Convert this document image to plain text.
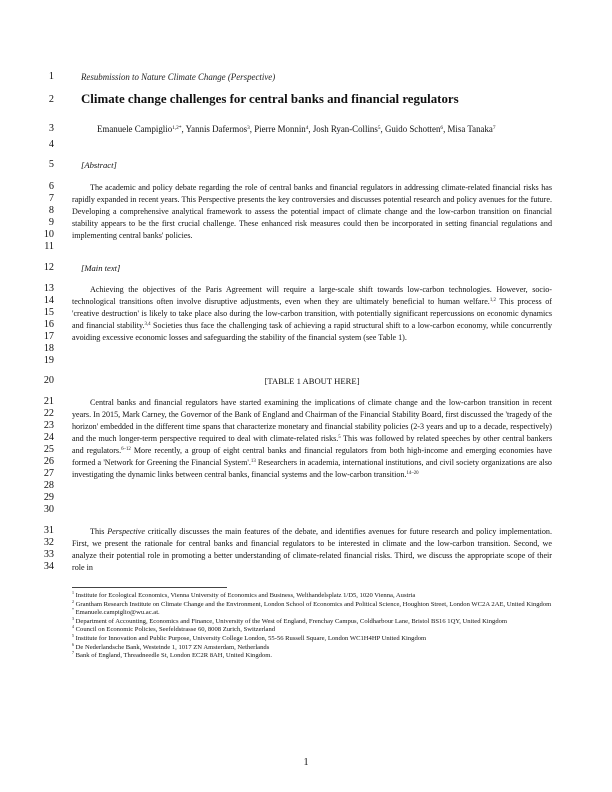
1
2
3
4
5
6
7
8
9
10
11
12
13
14
15
16
17
18
19
20
21
22
23
24
25
26
27
28
29
30
31
32
33
34
Resubmission to Nature Climate Change (Perspective)
Climate change challenges for central banks and financial regulators
Emanuele Campiglio$^{1,2*}$, Yannis Dafermos$^3$, Pierre Monnin$^4$, Josh Ryan-Collins$^5$, Guido Schotten$^6$, Misa Tanaka$^7$
[Abstract]
The academic and policy debate regarding the role of central banks and financial regulators in addressing climate-related financial risks has rapidly expanded in recent years. This Perspective presents the key controversies and discusses potential research and policy avenues for the future. Developing a comprehensive analytical framework to assess the potential impact of climate change and the low-carbon transition on financial stability appears to be the first crucial challenge. These enhanced risk measures could then be incorporated in setting financial regulations and implementing central banks' policies.
[Main text]
Achieving the objectives of the Paris Agreement will require a large-scale shift towards low-carbon technologies. However, socio-technological transitions often involve disruptive adjustments, even when they are ultimately beneficial to human welfare.$^{1,2}$ This process of 'creative destruction' is likely to take place also during the low-carbon transition, with potentially significant repercussions on economic dynamics and financial stability.$^{3,4}$ Societies thus face the challenging task of achieving a rapid structural shift to a low-carbon economy, while concurrently avoiding excessive economic losses and safeguarding the stability of the financial system (see Table 1).
[TABLE 1 ABOUT HERE]
Central banks and financial regulators have started examining the implications of climate change and the low-carbon transition in recent years. In 2015, Mark Carney, the Governor of the Bank of England and Chairman of the Financial Stability Board, first discussed the 'tragedy of the horizon' embedded in the different time spans that characterize monetary and financial stability policies (2-3 years and up to a decade, respectively) and the much longer-term perspective required to deal with climate-related risks.$^5$ This was followed by related speeches by other central bankers and regulators.$^{6-12}$ More recently, a group of eight central banks and financial regulators from both high-income and emerging economies have formed a 'Network for Greening the Financial System'.$^{13}$ Researchers in academia, international institutions, and civil society organizations are also investigating the dynamic links between central banks, financial systems and the low-carbon transition.$^{14-20}$
This Perspective critically discusses the main features of the debate, and identifies avenues for future research and policy implementation. First, we present the rationale for central banks and financial regulators to be interested in climate and the low-carbon transition. Second, we analyze their potential role in promoting a better understanding of climate-related financial risks. Third, we discuss the appropriate scope of their role in

$^1$ Institute for Ecological Economics, Vienna University of Economics and Business, Welthandelsplatz 1/D5, 1020 Vienna, Austria

$^2$ Grantham Research Institute on Climate Change and the Environment, London School of Economics and Political Science, Houghton Street, London WC2A 2AE, United Kingdom

* Emanuele.campiglio@wu.ac.at.

$^3$ Department of Accounting, Economics and Finance, University of the West of England, Frenchay Campus, Coldharbour Lane, Bristol BS16 1QY, United Kingdom

$^4$ Council on Economic Policies, Seefeldstrasse 60, 8008 Zurich, Switzerland

$^5$ Institute for Innovation and Public Purpose, University College London, 55-56 Russell Square, London WC1H4HP United Kingdom

$^6$ De Nederlandsche Bank, Westeinde 1, 1017 ZN Amsterdam, Netherlands

$^7$ Bank of England, Threadneedle St, London EC2R 8AH, United Kingdom.

1
